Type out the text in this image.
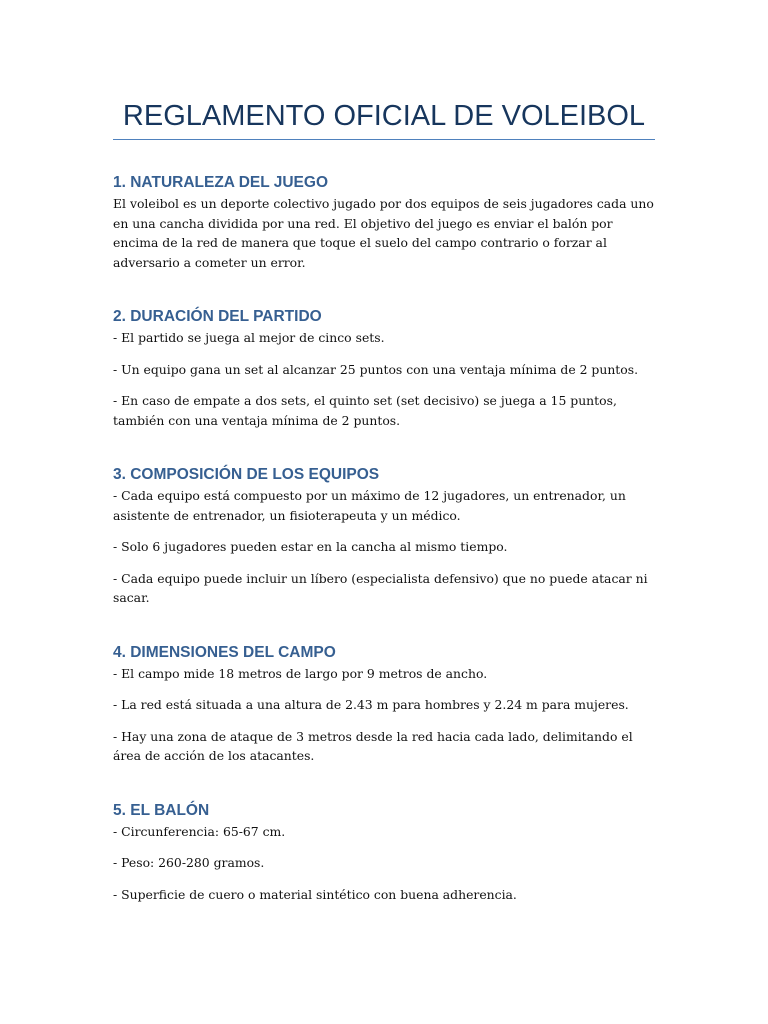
REGLAMENTO OFICIAL DE VOLEIBOL
1. NATURALEZA DEL JUEGO

El voleibol es un deporte colectivo jugado por dos equipos de seis jugadores cada uno en una cancha dividida por una red. El objetivo del juego es enviar el balón por encima de la red de manera que toque el suelo del campo contrario o forzar al adversario a cometer un error.

2. DURACIÓN DEL PARTIDO

- El partido se juega al mejor de cinco sets.

- Un equipo gana un set al alcanzar 25 puntos con una ventaja mínima de 2 puntos.

- En caso de empate a dos sets, el quinto set (set decisivo) se juega a 15 puntos, también con una ventaja mínima de 2 puntos.

3. COMPOSICIÓN DE LOS EQUIPOS

- Cada equipo está compuesto por un máximo de 12 jugadores, un entrenador, un asistente de entrenador, un fisioterapeuta y un médico.

- Solo 6 jugadores pueden estar en la cancha al mismo tiempo.

- Cada equipo puede incluir un líbero (especialista defensivo) que no puede atacar ni sacar.

4. DIMENSIONES DEL CAMPO

- El campo mide 18 metros de largo por 9 metros de ancho.

- La red está situada a una altura de 2.43 m para hombres y 2.24 m para mujeres.

- Hay una zona de ataque de 3 metros desde la red hacia cada lado, delimitando el área de acción de los atacantes.

5. EL BALÓN

- Circunferencia: 65-67 cm.

- Peso: 260-280 gramos.

- Superficie de cuero o material sintético con buena adherencia.
